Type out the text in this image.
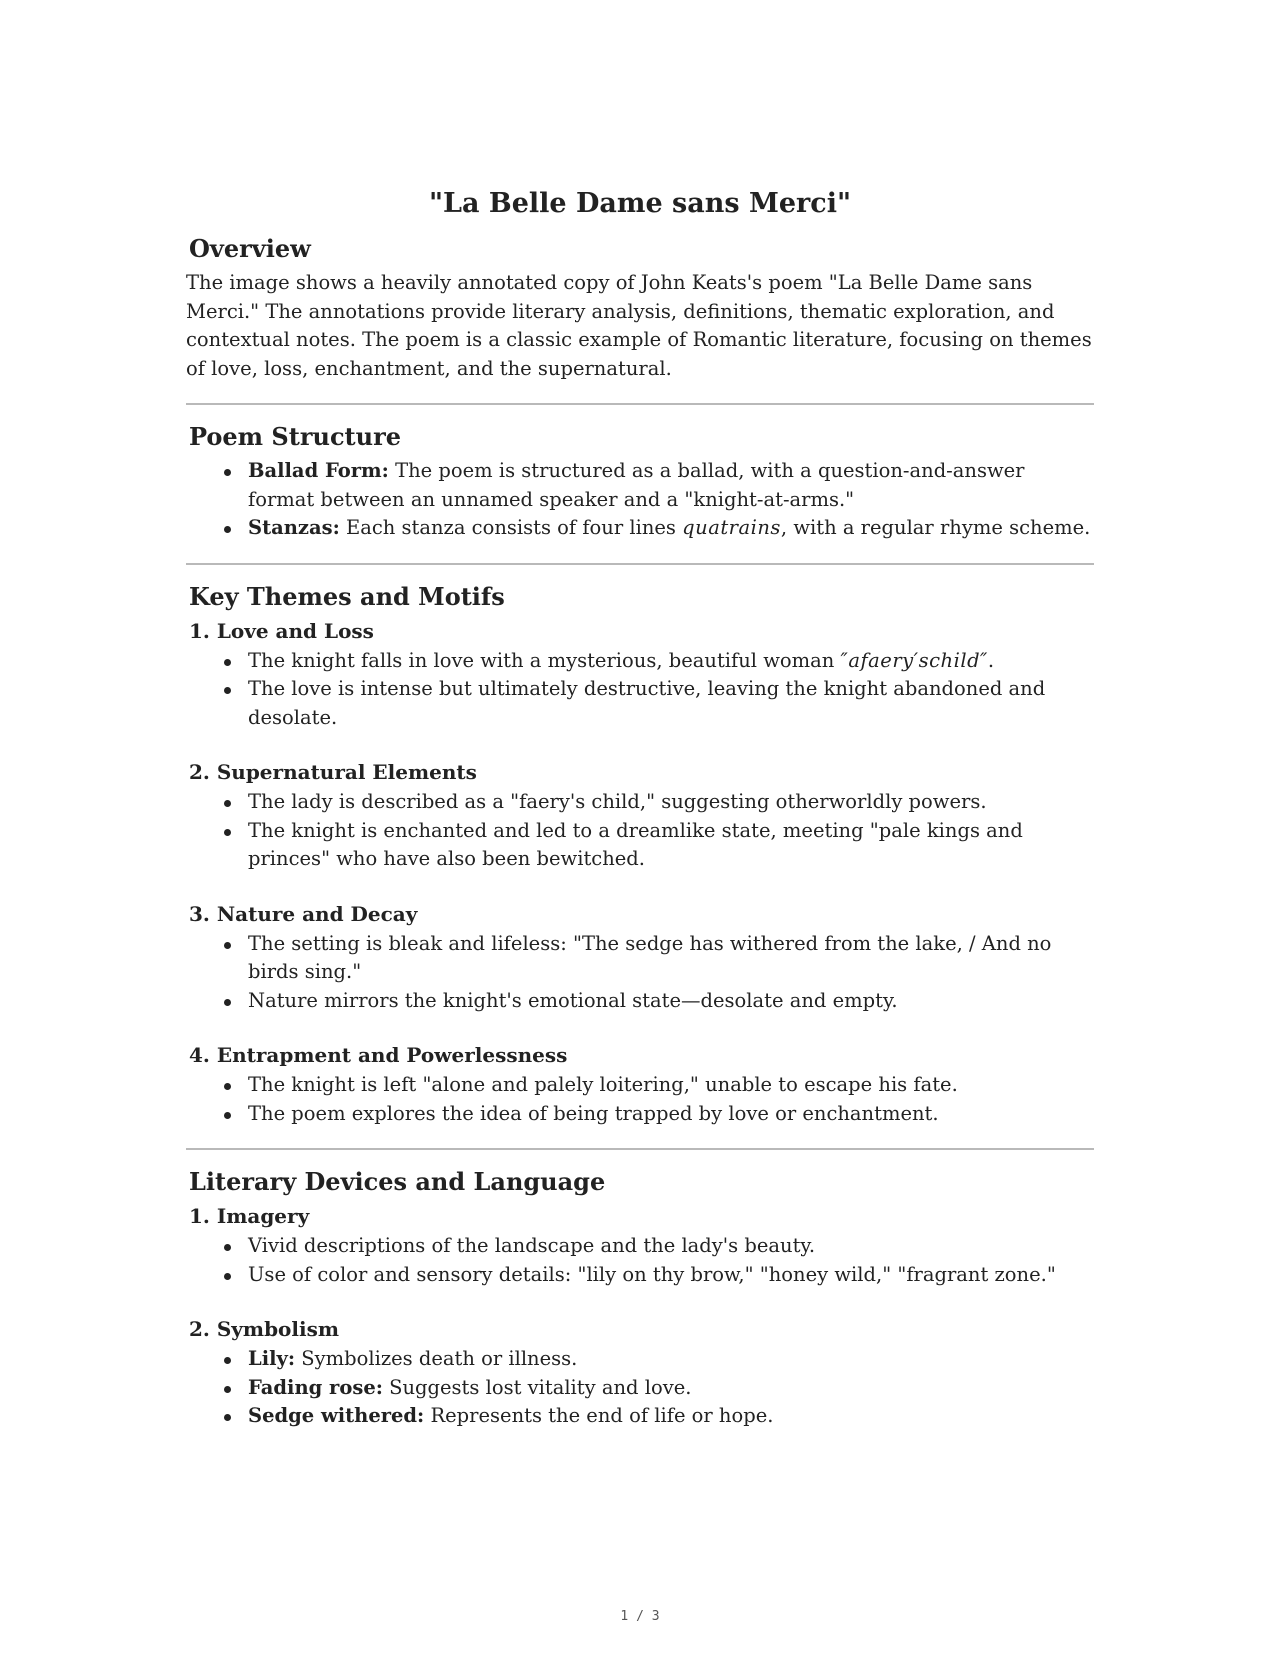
"La Belle Dame sans Merci"
Overview

The image shows a heavily annotated copy of John Keats's poem "La Belle Dame sans Merci." The annotations provide literary analysis, definitions, thematic exploration, and contextual notes. The poem is a classic example of Romantic literature, focusing on themes of love, loss, enchantment, and the supernatural.

Poem Structure
Ballad Form: The poem is structured as a ballad, with a question-and-answer format between an unnamed speaker and a "knight-at-arms."
Stanzas: Each stanza consists of four lines quatrains, with a regular rhyme scheme.
Key Themes and Motifs
1. Love and Loss
The knight falls in love with a mysterious, beautiful woman ″afaery′schild″.
The love is intense but ultimately destructive, leaving the knight abandoned and desolate.
2. Supernatural Elements
The lady is described as a "faery's child," suggesting otherworldly powers.
The knight is enchanted and led to a dreamlike state, meeting "pale kings and princes" who have also been bewitched.
3. Nature and Decay
The setting is bleak and lifeless: "The sedge has withered from the lake, / And no birds sing."
Nature mirrors the knight's emotional state—desolate and empty.
4. Entrapment and Powerlessness
The knight is left "alone and palely loitering," unable to escape his fate.
The poem explores the idea of being trapped by love or enchantment.
Literary Devices and Language
1. Imagery
Vivid descriptions of the landscape and the lady's beauty.
Use of color and sensory details: "lily on thy brow," "honey wild," "fragrant zone."
2. Symbolism
Lily: Symbolizes death or illness.
Fading rose: Suggests lost vitality and love.
Sedge withered: Represents the end of life or hope.
1 / 3
